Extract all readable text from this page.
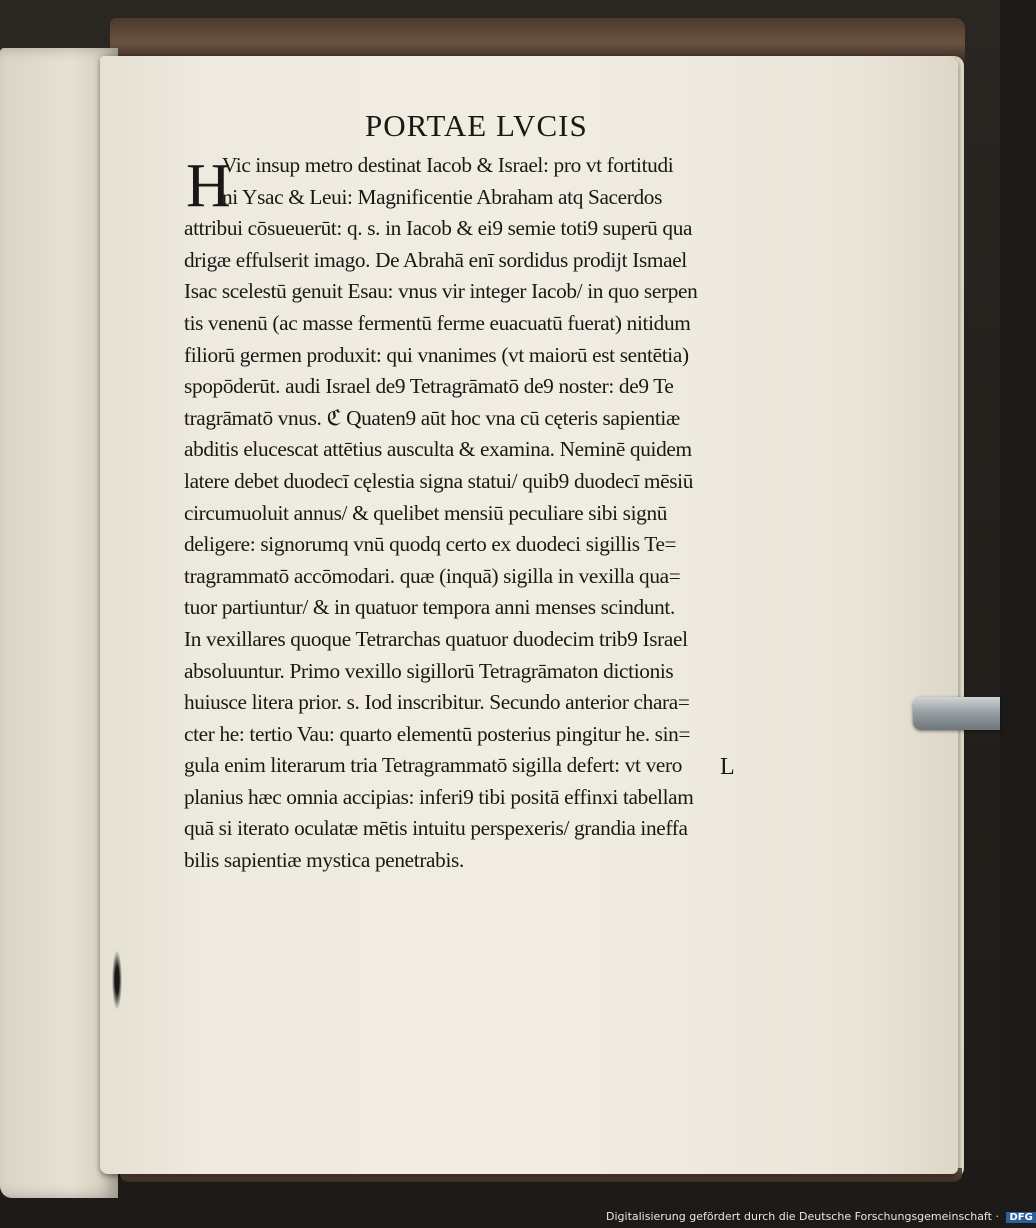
PORTAE LVCIS
H
Vic insup metro destinat Iacob & Israel: pro vt fortitudi
ni Ysac & Leui: Magnificentie Abraham atq Sacerdos
attribui cōsueuerūt: q. s. in Iacob & ei9 semie toti9 superū qua
drigæ effulserit imago. De Abrahā enī sordidus prodijt Ismael
Isac scelestū genuit Esau: vnus vir integer Iacob/ in quo serpen
tis venenū (ac masse fermentū ferme euacuatū fuerat) nitidum
filiorū germen produxit: qui vnanimes (vt maiorū est sentētia)
spopōderūt. audi Israel de9 Tetragrāmatō de9 noster: de9 Te
tragrāmatō vnus. ℭ Quaten9 aūt hoc vna cū cęteris sapientiæ
abditis elucescat attētius ausculta & examina. Neminē quidem
latere debet duodecī cęlestia signa statui/ quib9 duodecī mēsiū
circumuoluit annus/ & quelibet mensiū peculiare sibi signū
deligere: signorumq vnū quodq certo ex duodeci sigillis Te=
tragrammatō accōmodari. quæ (inquā) sigilla in vexilla qua=
tuor partiuntur/ & in quatuor tempora anni menses scindunt.
In vexillares quoque Tetrarchas quatuor duodecim trib9 Israel
absoluuntur. Primo vexillo sigillorū Tetragrāmaton dictionis
huiusce litera prior. s. Iod inscribitur. Secundo anterior chara=
cter he: tertio Vau: quarto elementū posterius pingitur he. sin=
gula enim literarum tria Tetragrammatō sigilla defert: vt vero
planius hæc omnia accipias: inferi9 tibi positā effinxi tabellam
quā si iterato oculatæ mētis intuitu perspexeris/ grandia ineffa
bilis sapientiæ mystica penetrabis.
L
Digitalisierung gefördert durch die Deutsche Forschungsgemeinschaft · DFG
